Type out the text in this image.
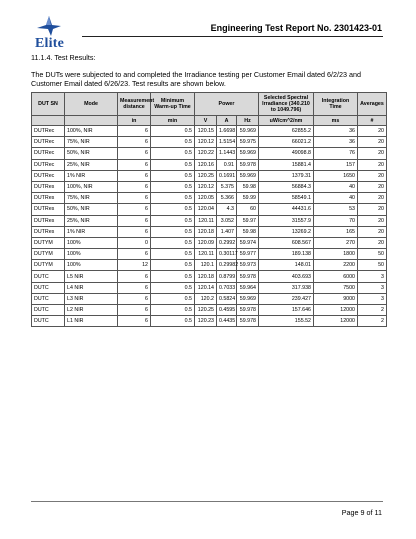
Elite
Engineering Test Report No. 2301423-01
11.1.4. Test Results:
The DUTs were subjected to and completed the Irradiance testing per Customer Email dated 6/2/23 and Customer Email dated 6/26/23. Test results are shown below.
DUT SN	Mode	Measurement distance	Minimum Warm-up Time	Power			Selected Spectral Irradiance (340.210 to 1049.796)	Integration Time	Averages
		in	min	V	A	Hz	uW/cm^2/nm	ms	#
DUTRec	100%, NIR	6	0.5	120.15	1.6698	59.969	62855.2	36	20
DUTRec	75%, NIR	6	0.5	120.12	1.5154	59.975	66021.2	36	20
DUTRec	50%, NIR	6	0.5	120.22	1.1443	59.969	49098.8	76	20
DUTRec	25%, NIR	6	0.5	120.16	0.91	59.978	15881.4	157	20
DUTRec	1% NIR	6	0.5	120.25	0.1691	59.969	1379.31	1650	20
DUTRes	100%, NIR	6	0.5	120.12	5.375	59.98	56884.3	40	20
DUTRes	75%, NIR	6	0.5	120.05	5.366	59.99	58549.1	40	20
DUTRes	50%, NIR	6	0.5	120.04	4.3	60	44431.6	53	20
DUTRes	25%, NIR	6	0.5	120.11	3.052	59.97	31557.9	70	20
DUTRes	1% NIR	6	0.5	120.18	1.407	59.98	13269.2	165	20
DUTYM	100%	0	0.5	120.09	0.2992	59.974	608.567	270	20
DUTYM	100%	6	0.5	120.11	0.30117	59.977	189.138	1800	50
DUTYM	100%	12	0.5	120.1	0.29982	59.973	148.01	2200	50
DUTC	L5 NIR	6	0.5	120.18	0.8799	59.978	403.693	6000	3
DUTC	L4 NIR	6	0.5	120.14	0.7033	59.964	317.938	7500	3
DUTC	L3 NIR	6	0.5	120.2	0.5824	59.969	239.427	9000	3
DUTC	L2 NIR	6	0.5	120.25	0.4595	59.978	157.646	12000	2
DUTC	L1 NIR	6	0.5	120.23	0.4435	59.978	155.52	12000	2
Page 9 of 11
